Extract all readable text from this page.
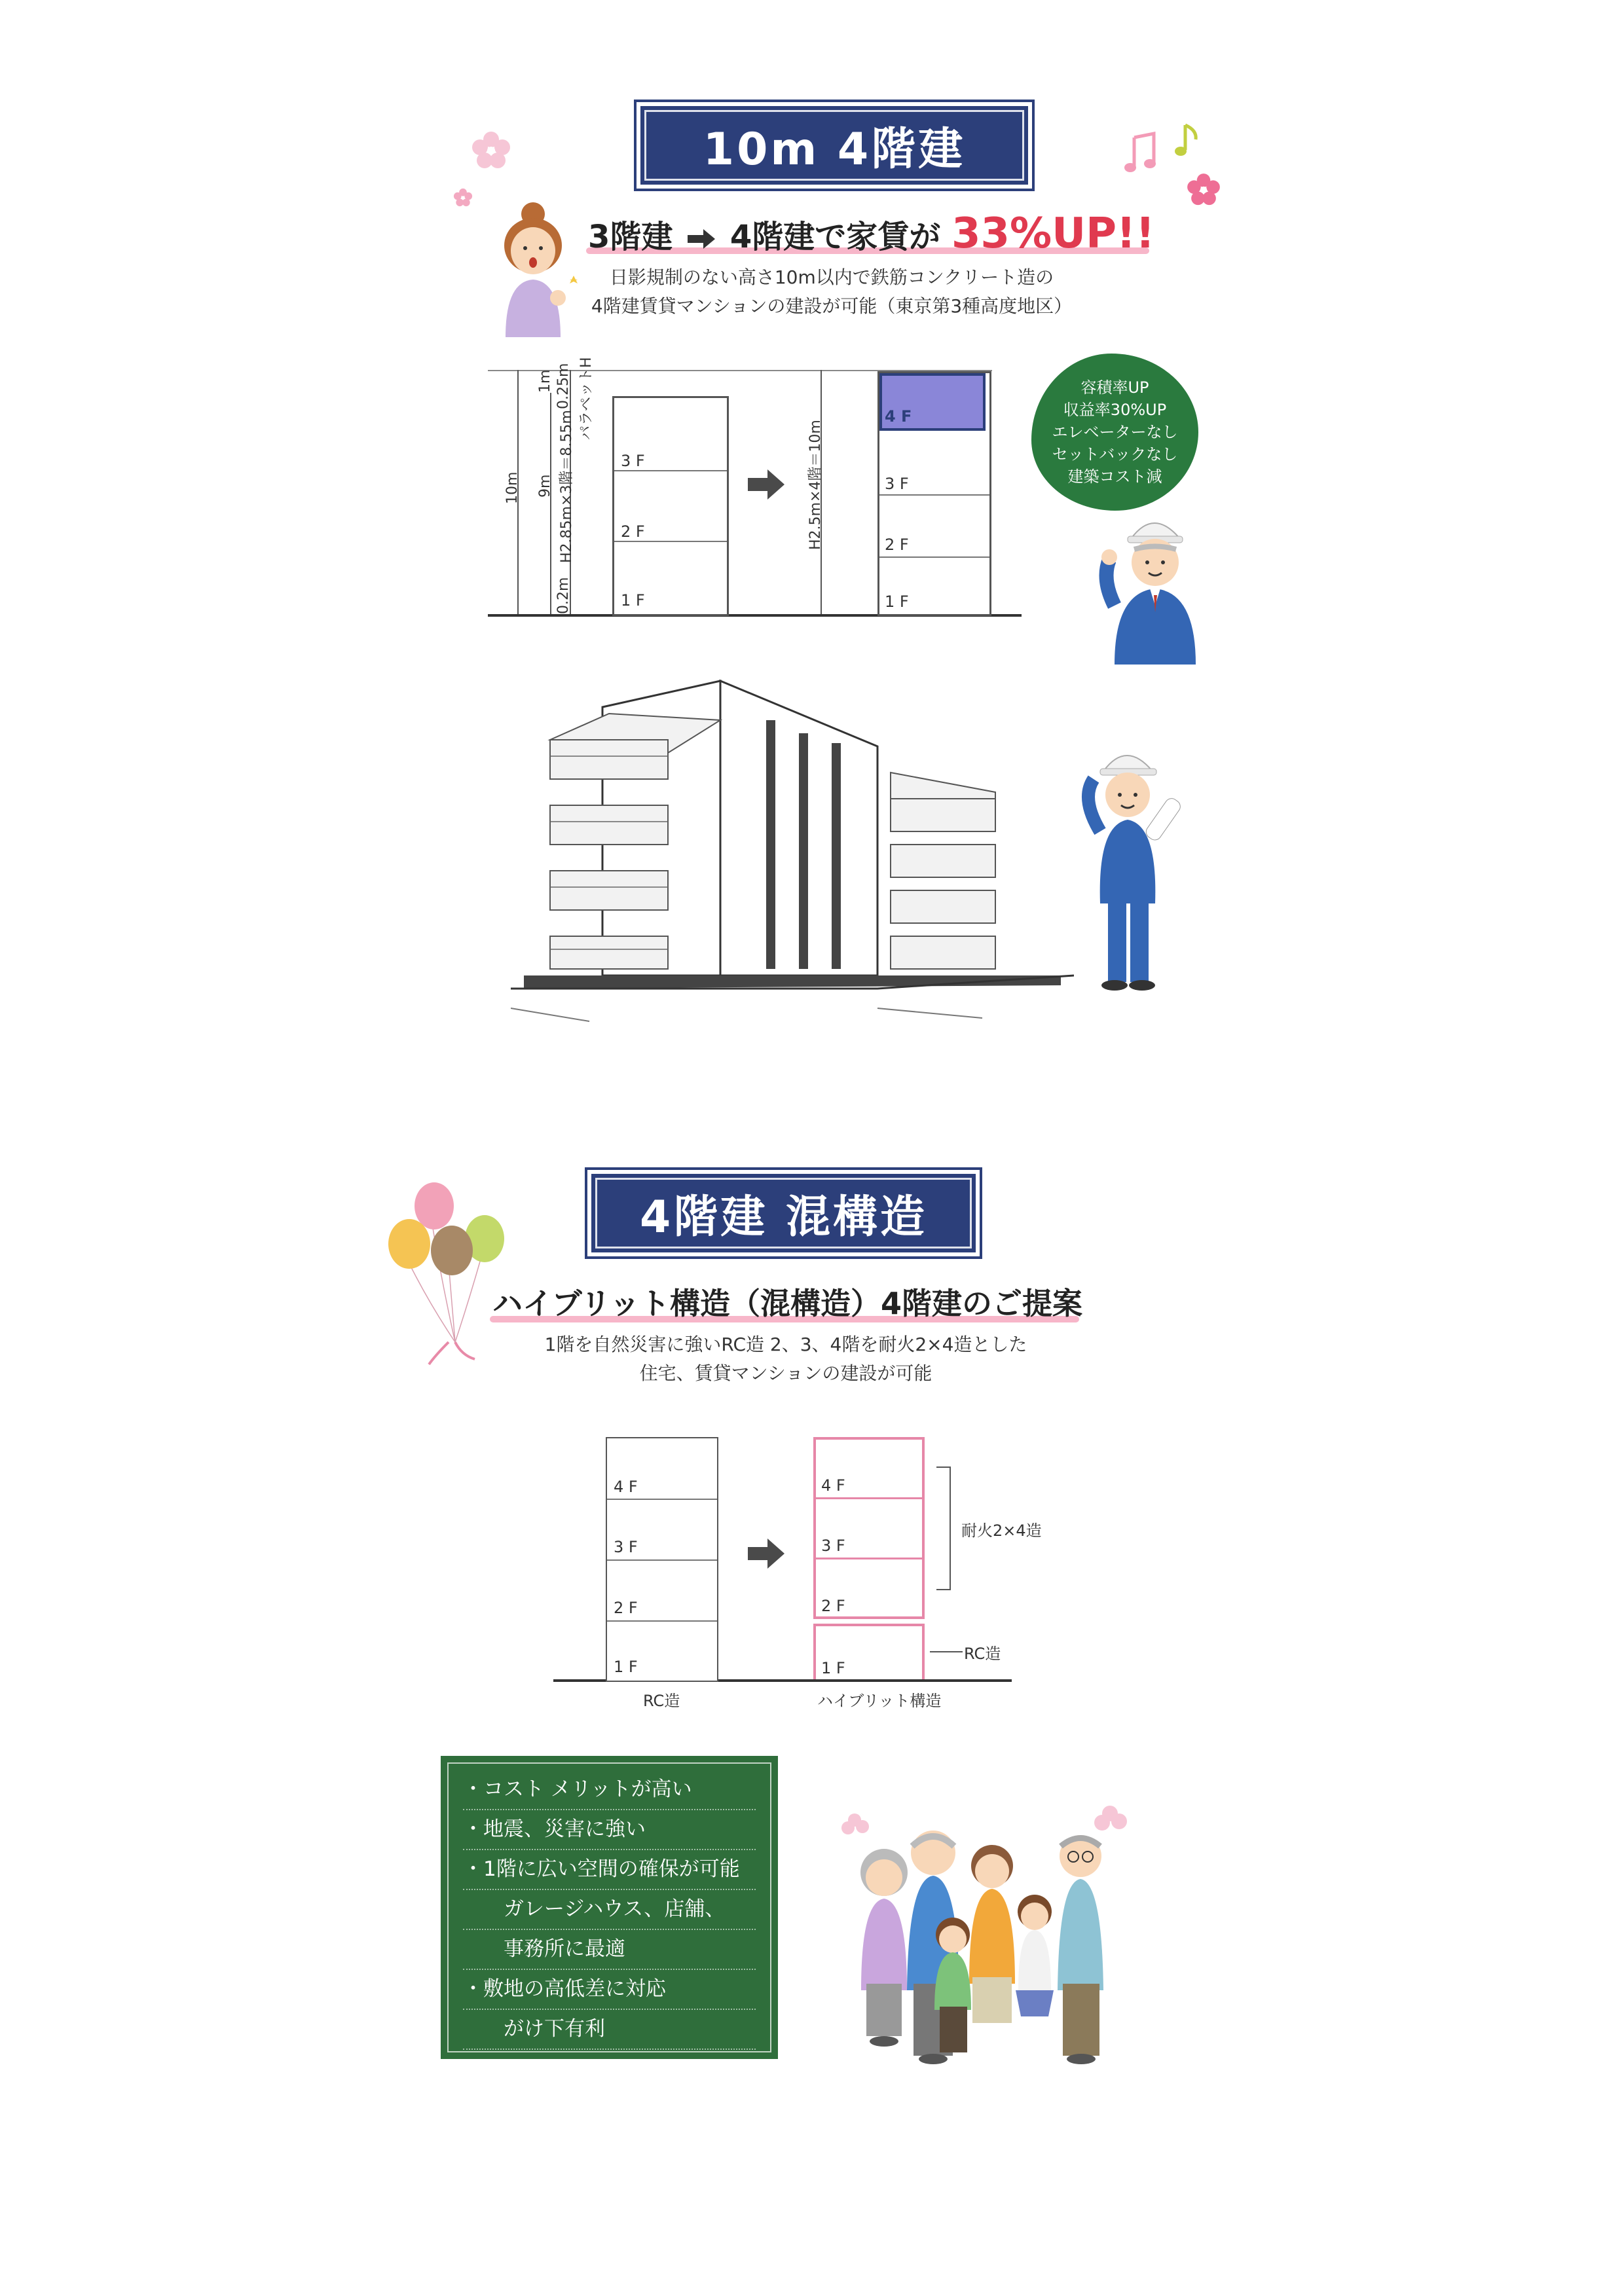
10m 4階建
3階建 4階建で家賃が 33%UP!!
日影規制のない高さ10m以内で鉄筋コンクリート造の
4階建賃貸マンションの建設が可能（東京第3種高度地区）
10m 9m
1m 0.25m
H2.85m×3階＝8.55m
0.2m
パラペットH
3 F
2 F
1 F
H2.5m×4階＝10m
4 F
3 F
2 F
1 F
容積率UP
収益率30%UP
エレベーターなし
セットバックなし
建築コスト減
4階建 混構造
ハイブリット構造（混構造）4階建のご提案
1階を自然災害に強いRC造 2、3、4階を耐火2×4造とした
住宅、賃貸マンションの建設が可能
4 F
3 F
2 F
1 F
RC造
4 F
3 F
2 F
1 F
ハイブリット構造
耐火2×4造
RC造
・コスト メリットが高い
・地震、災害に強い
・1階に広い空間の確保が可能
　　ガレージハウス、店舗、
　　事務所に最適
・敷地の高低差に対応
　　がけ下有利
